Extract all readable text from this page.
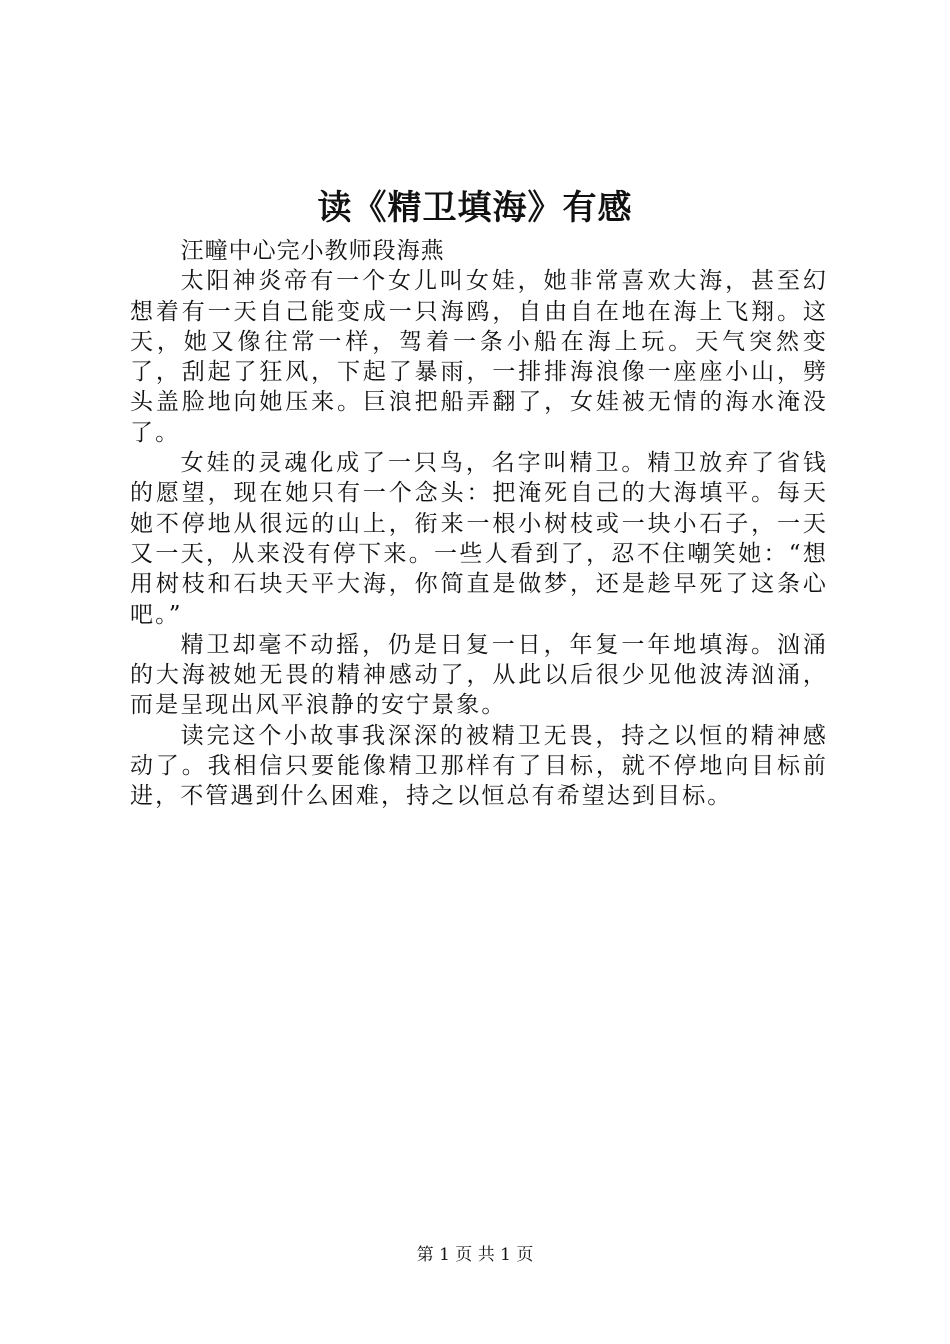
读《精卫填海》有感
汪疃中心完小教师段海燕

太阳神炎帝有一个女儿叫女娃，她非常喜欢大海，甚至幻想着有一天自己能变成一只海鸥，自由自在地在海上飞翔。这天，她又像往常一样，驾着一条小船在海上玩。天气突然变了，刮起了狂风，下起了暴雨，一排排海浪像一座座小山，劈头盖脸地向她压来。巨浪把船弄翻了，女娃被无情的海水淹没了。

女娃的灵魂化成了一只鸟，名字叫精卫。精卫放弃了省钱的愿望，现在她只有一个念头：把淹死自己的大海填平。每天她不停地从很远的山上，衔来一根小树枝或一块小石子，一天又一天，从来没有停下来。一些人看到了，忍不住嘲笑她：“想用树枝和石块天平大海，你简直是做梦，还是趁早死了这条心吧。”

精卫却毫不动摇，仍是日复一日，年复一年地填海。汹涌的大海被她无畏的精神感动了，从此以后很少见他波涛汹涌，而是呈现出风平浪静的安宁景象。

读完这个小故事我深深的被精卫无畏，持之以恒的精神感动了。我相信只要能像精卫那样有了目标，就不停地向目标前进，不管遇到什么困难，持之以恒总有希望达到目标。

第 1 页 共 1 页
